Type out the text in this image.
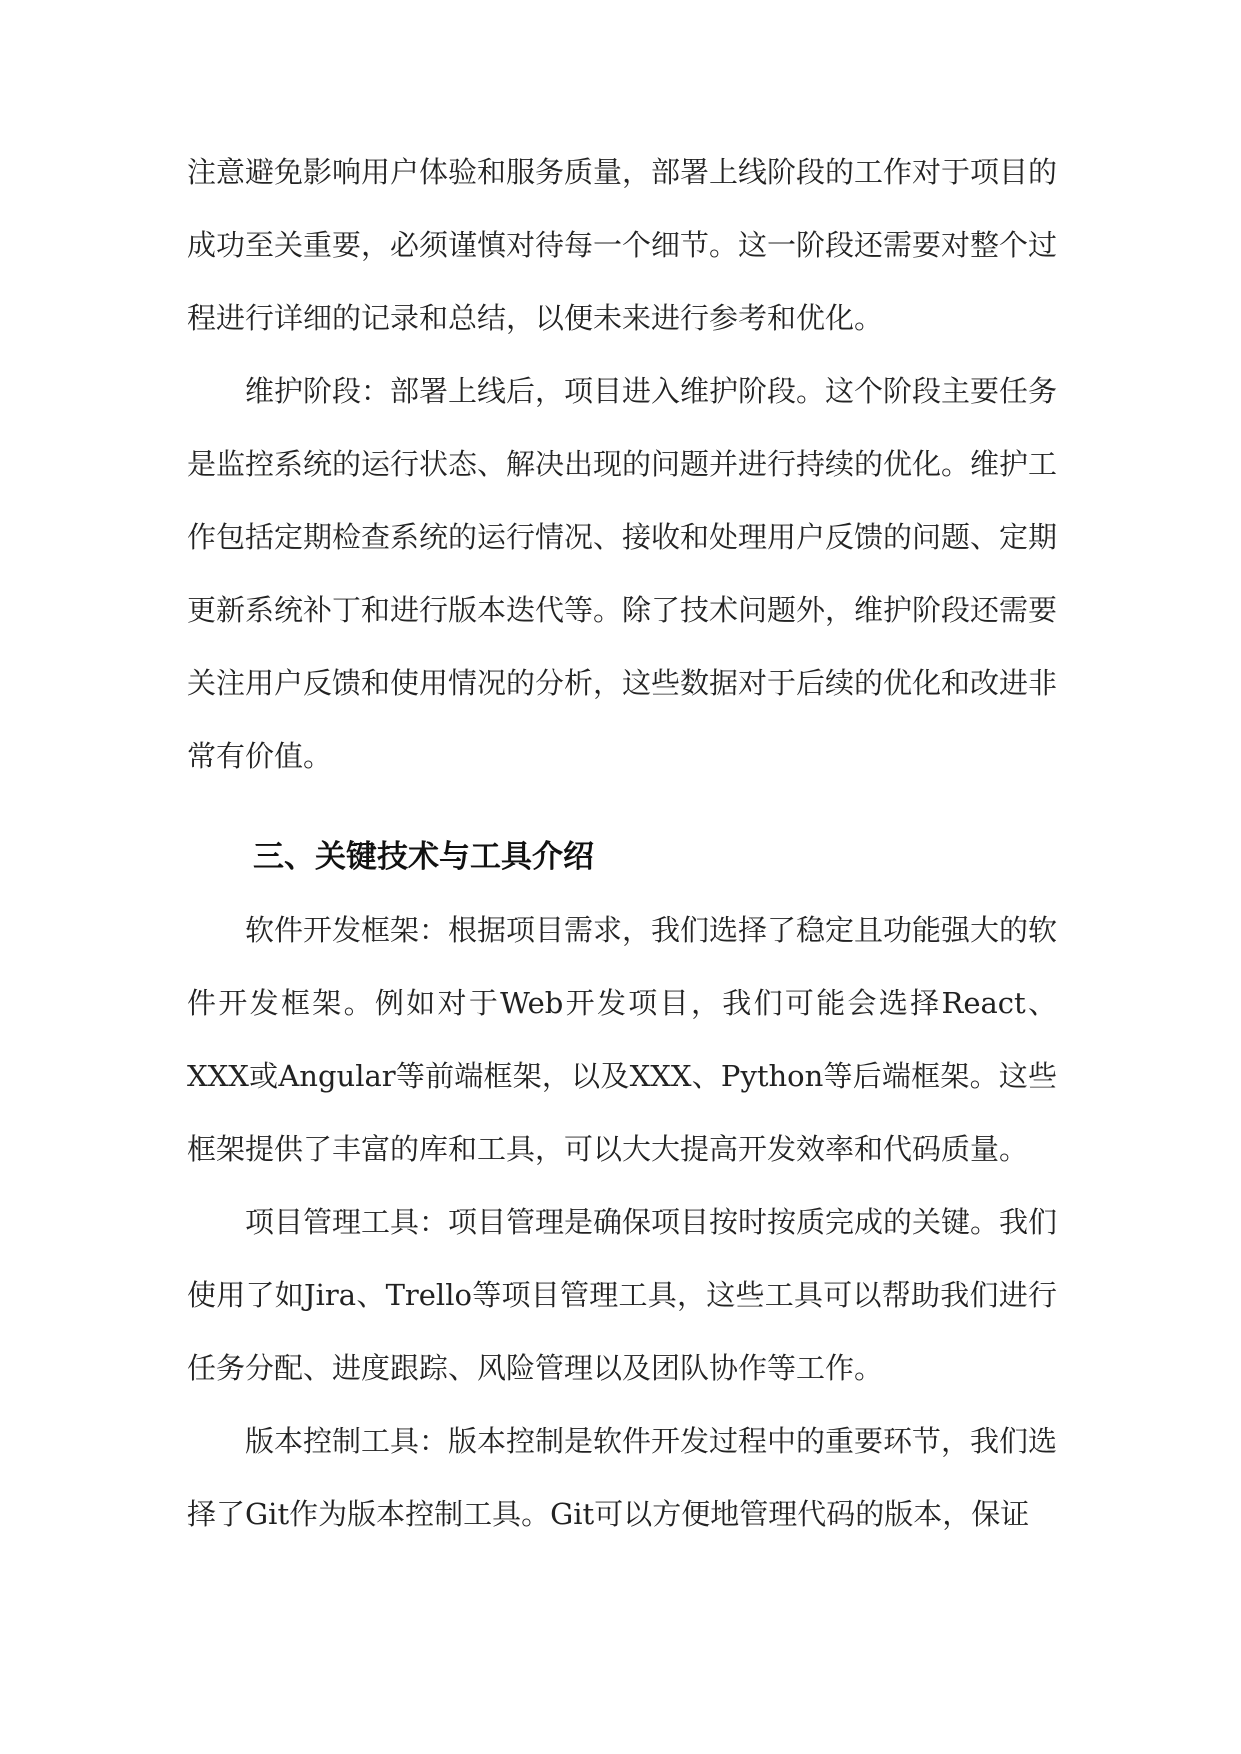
注意避免影响用户体验和服务质量，部署上线阶段的工作对于项目的成功至关重要，必须谨慎对待每一个细节。这一阶段还需要对整个过程进行详细的记录和总结，以便未来进行参考和优化。

维护阶段：部署上线后，项目进入维护阶段。这个阶段主要任务是监控系统的运行状态、解决出现的问题并进行持续的优化。维护工作包括定期检查系统的运行情况、接收和处理用户反馈的问题、定期更新系统补丁和进行版本迭代等。除了技术问题外，维护阶段还需要关注用户反馈和使用情况的分析，这些数据对于后续的优化和改进非常有价值。

三、关键技术与工具介绍

软件开发框架：根据项目需求，我们选择了稳定且功能强大的软件开发框架。例如对于Web开发项目，我们可能会选择React、XXX或Angular等前端框架，以及XXX、Python等后端框架。这些框架提供了丰富的库和工具，可以大大提高开发效率和代码质量。

项目管理工具：项目管理是确保项目按时按质完成的关键。我们使用了如Jira、Trello等项目管理工具，这些工具可以帮助我们进行任务分配、进度跟踪、风险管理以及团队协作等工作。

版本控制工具：版本控制是软件开发过程中的重要环节，我们选择了Git作为版本控制工具。Git可以方便地管理代码的版本，保证
